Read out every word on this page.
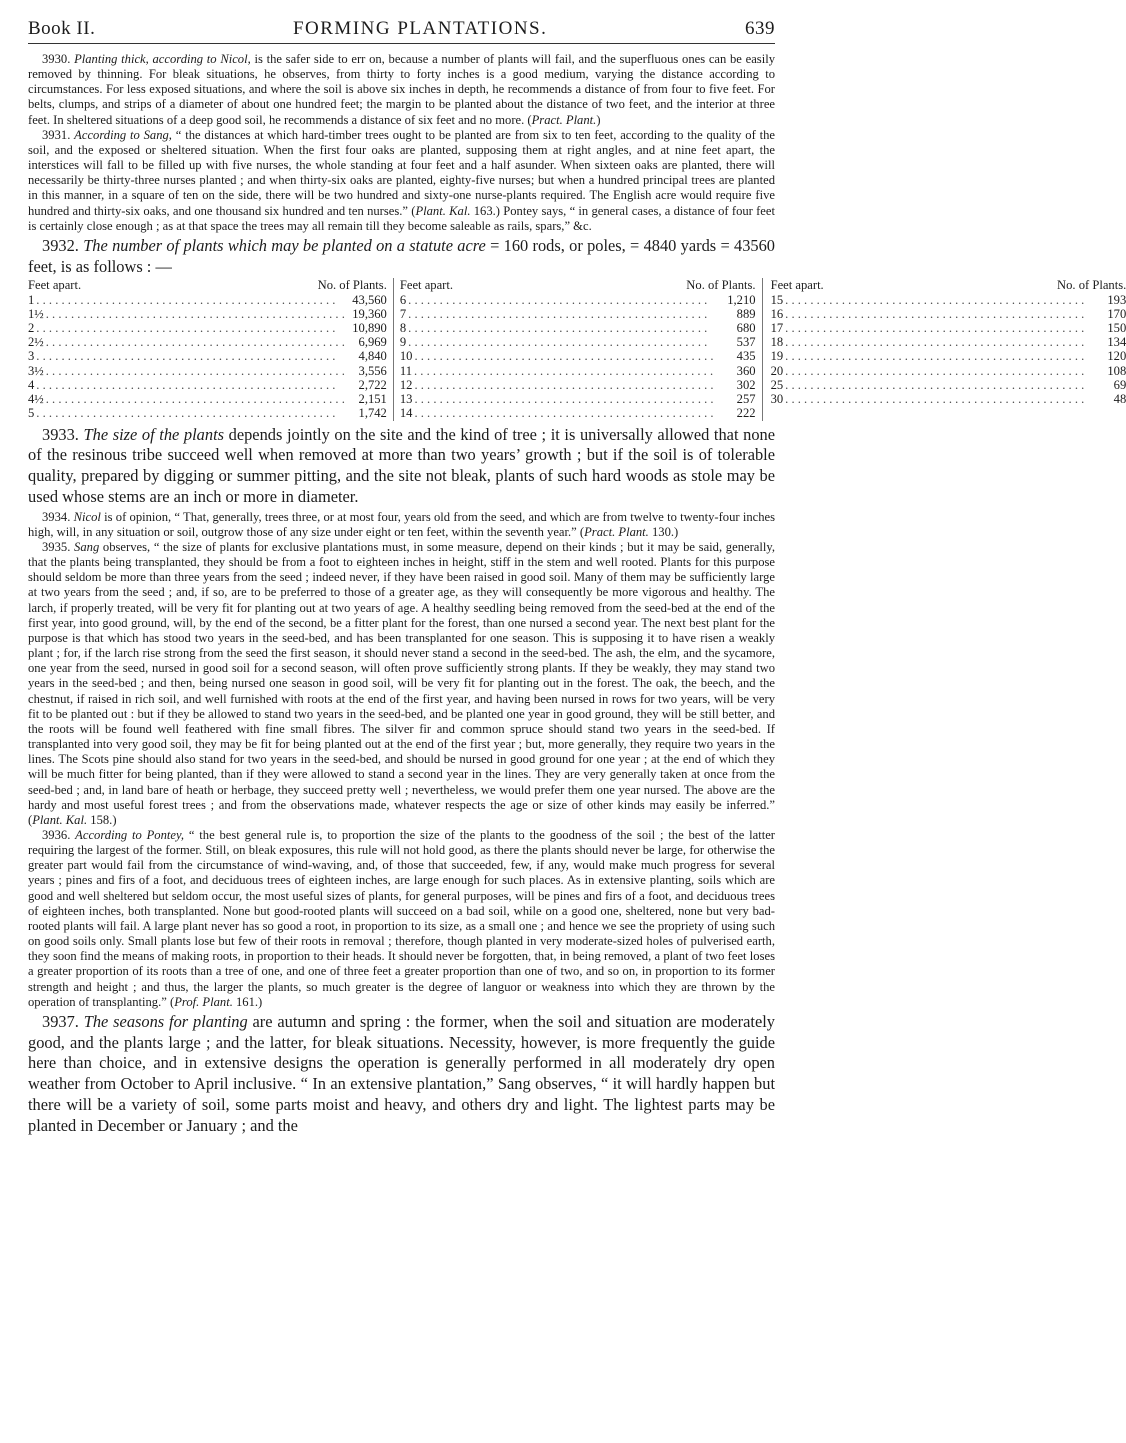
Book II.	FORMING PLANTATIONS.	639

3930. Planting thick, according to Nicol, is the safer side to err on, because a number of plants will fail, and the superfluous ones can be easily removed by thinning. For bleak situations, he observes, from thirty to forty inches is a good medium, varying the distance according to circumstances. For less exposed situations, and where the soil is above six inches in depth, he recommends a distance of from four to five feet. For belts, clumps, and strips of a diameter of about one hundred feet; the margin to be planted about the distance of two feet, and the interior at three feet. In sheltered situations of a deep good soil, he recommends a distance of six feet and no more. (Pract. Plant.)

3931. According to Sang, “ the distances at which hard-timber trees ought to be planted are from six to ten feet, according to the quality of the soil, and the exposed or sheltered situation. When the first four oaks are planted, supposing them at right angles, and at nine feet apart, the interstices will fall to be filled up with five nurses, the whole standing at four feet and a half asunder. When sixteen oaks are planted, there will necessarily be thirty-three nurses planted ; and when thirty-six oaks are planted, eighty-five nurses; but when a hundred principal trees are planted in this manner, in a square of ten on the side, there will be two hundred and sixty-one nurse-plants required. The English acre would require five hundred and thirty-six oaks, and one thousand six hundred and ten nurses.” (Plant. Kal. 163.) Pontey says, “ in general cases, a distance of four feet is certainly close enough ; as at that space the trees may all remain till they become saleable as rails, spars,” &c.

3932. The number of plants which may be planted on a statute acre = 160 rods, or poles, = 4840 yards = 43560 feet, is as follows : —

Feet apart.	No. of Plants.
1 . . . . . . . . . . . . . . . . . . . . . . . . . . . . . . . . . . . . . . . . . . . . . . . .	43,560
1½ . . . . . . . . . . . . . . . . . . . . . . . . . . . . . . . . . . . . . . . . . . . . . . . . 19,360
2 . . . . . . . . . . . . . . . . . . . . . . . . . . . . . . . . . . . . . . . . . . . . . . . .	10,890
2½ . . . . . . . . . . . . . . . . . . . . . . . . . . . . . . . . . . . . . . . . . . . . . . . .	6,969
3 . . . . . . . . . . . . . . . . . . . . . . . . . . . . . . . . . . . . . . . . . . . . . . . .	4,840
3½ . . . . . . . . . . . . . . . . . . . . . . . . . . . . . . . . . . . . . . . . . . . . . . . .	3,556
4 . . . . . . . . . . . . . . . . . . . . . . . . . . . . . . . . . . . . . . . . . . . . . . . .	2,722
4½ . . . . . . . . . . . . . . . . . . . . . . . . . . . . . . . . . . . . . . . . . . . . . . . .	2,151
5 . . . . . . . . . . . . . . . . . . . . . . . . . . . . . . . . . . . . . . . . . . . . . . . .	1,742

Feet apart.	No. of Plants.
6 . . . . . . . . . . . . . . . . . . . . . . . . . . . . . . . . . . . . . . . . . . . . . . . .	1,210
7 . . . . . . . . . . . . . . . . . . . . . . . . . . . . . . . . . . . . . . . . . . . . . . . .	889
8 . . . . . . . . . . . . . . . . . . . . . . . . . . . . . . . . . . . . . . . . . . . . . . . .	680
9 . . . . . . . . . . . . . . . . . . . . . . . . . . . . . . . . . . . . . . . . . . . . . . . .	537
10 . . . . . . . . . . . . . . . . . . . . . . . . . . . . . . . . . . . . . . . . . . . . . . . .	435
11 . . . . . . . . . . . . . . . . . . . . . . . . . . . . . . . . . . . . . . . . . . . . . . . .	360
12 . . . . . . . . . . . . . . . . . . . . . . . . . . . . . . . . . . . . . . . . . . . . . . . .	302
13 . . . . . . . . . . . . . . . . . . . . . . . . . . . . . . . . . . . . . . . . . . . . . . . .	257
14 . . . . . . . . . . . . . . . . . . . . . . . . . . . . . . . . . . . . . . . . . . . . . . . .	222

Feet apart.	No. of Plants.
15 . . . . . . . . . . . . . . . . . . . . . . . . . . . . . . . . . . . . . . . . . . . . . . . .	193
16 . . . . . . . . . . . . . . . . . . . . . . . . . . . . . . . . . . . . . . . . . . . . . . . .	170
17 . . . . . . . . . . . . . . . . . . . . . . . . . . . . . . . . . . . . . . . . . . . . . . . .	150
18 . . . . . . . . . . . . . . . . . . . . . . . . . . . . . . . . . . . . . . . . . . . . . . . .	134
19 . . . . . . . . . . . . . . . . . . . . . . . . . . . . . . . . . . . . . . . . . . . . . . . .	120
20 . . . . . . . . . . . . . . . . . . . . . . . . . . . . . . . . . . . . . . . . . . . . . . . .	108
25 . . . . . . . . . . . . . . . . . . . . . . . . . . . . . . . . . . . . . . . . . . . . . . . .	69
30 . . . . . . . . . . . . . . . . . . . . . . . . . . . . . . . . . . . . . . . . . . . . . . . .	48

3933. The size of the plants depends jointly on the site and the kind of tree ; it is universally allowed that none of the resinous tribe succeed well when removed at more than two years’ growth ; but if the soil is of tolerable quality, prepared by digging or summer pitting, and the site not bleak, plants of such hard woods as stole may be used whose stems are an inch or more in diameter.

3934. Nicol is of opinion, “ That, generally, trees three, or at most four, years old from the seed, and which are from twelve to twenty-four inches high, will, in any situation or soil, outgrow those of any size under eight or ten feet, within the seventh year.” (Pract. Plant. 130.)

3935. Sang observes, “ the size of plants for exclusive plantations must, in some measure, depend on their kinds ; but it may be said, generally, that the plants being transplanted, they should be from a foot to eighteen inches in height, stiff in the stem and well rooted. Plants for this purpose should seldom be more than three years from the seed ; indeed never, if they have been raised in good soil. Many of them may be sufficiently large at two years from the seed ; and, if so, are to be preferred to those of a greater age, as they will consequently be more vigorous and healthy. The larch, if properly treated, will be very fit for planting out at two years of age. A healthy seedling being removed from the seed-bed at the end of the first year, into good ground, will, by the end of the second, be a fitter plant for the forest, than one nursed a second year. The next best plant for the purpose is that which has stood two years in the seed-bed, and has been transplanted for one season. This is supposing it to have risen a weakly plant ; for, if the larch rise strong from the seed the first season, it should never stand a second in the seed-bed. The ash, the elm, and the sycamore, one year from the seed, nursed in good soil for a second season, will often prove sufficiently strong plants. If they be weakly, they may stand two years in the seed-bed ; and then, being nursed one season in good soil, will be very fit for planting out in the forest. The oak, the beech, and the chestnut, if raised in rich soil, and well furnished with roots at the end of the first year, and having been nursed in rows for two years, will be very fit to be planted out : but if they be allowed to stand two years in the seed-bed, and be planted one year in good ground, they will be still better, and the roots will be found well feathered with fine small fibres. The silver fir and common spruce should stand two years in the seed-bed. If transplanted into very good soil, they may be fit for being planted out at the end of the first year ; but, more generally, they require two years in the lines. The Scots pine should also stand for two years in the seed-bed, and should be nursed in good ground for one year ; at the end of which they will be much fitter for being planted, than if they were allowed to stand a second year in the lines. They are very generally taken at once from the seed-bed ; and, in land bare of heath or herbage, they succeed pretty well ; nevertheless, we would prefer them one year nursed. The above are the hardy and most useful forest trees ; and from the observations made, whatever respects the age or size of other kinds may easily be inferred.” (Plant. Kal. 158.)

3936. According to Pontey, “ the best general rule is, to proportion the size of the plants to the goodness of the soil ; the best of the latter requiring the largest of the former. Still, on bleak exposures, this rule will not hold good, as there the plants should never be large, for otherwise the greater part would fail from the circumstance of wind-waving, and, of those that succeeded, few, if any, would make much progress for several years ; pines and firs of a foot, and deciduous trees of eighteen inches, are large enough for such places. As in extensive planting, soils which are good and well sheltered but seldom occur, the most useful sizes of plants, for general purposes, will be pines and firs of a foot, and deciduous trees of eighteen inches, both transplanted. None but good-rooted plants will succeed on a bad soil, while on a good one, sheltered, none but very bad-rooted plants will fail. A large plant never has so good a root, in proportion to its size, as a small one ; and hence we see the propriety of using such on good soils only. Small plants lose but few of their roots in removal ; therefore, though planted in very moderate-sized holes of pulverised earth, they soon find the means of making roots, in proportion to their heads. It should never be forgotten, that, in being removed, a plant of two feet loses a greater proportion of its roots than a tree of one, and one of three feet a greater proportion than one of two, and so on, in proportion to its former strength and height ; and thus, the larger the plants, so much greater is the degree of languor or weakness into which they are thrown by the operation of transplanting.” (Prof. Plant. 161.)

3937. The seasons for planting are autumn and spring : the former, when the soil and situation are moderately good, and the plants large ; and the latter, for bleak situations. Necessity, however, is more frequently the guide here than choice, and in extensive designs the operation is generally performed in all moderately dry open weather from October to April inclusive. “ In an extensive plantation,” Sang observes, “ it will hardly happen but there will be a variety of soil, some parts moist and heavy, and others dry and light. The lightest parts may be planted in December or January ; and the
